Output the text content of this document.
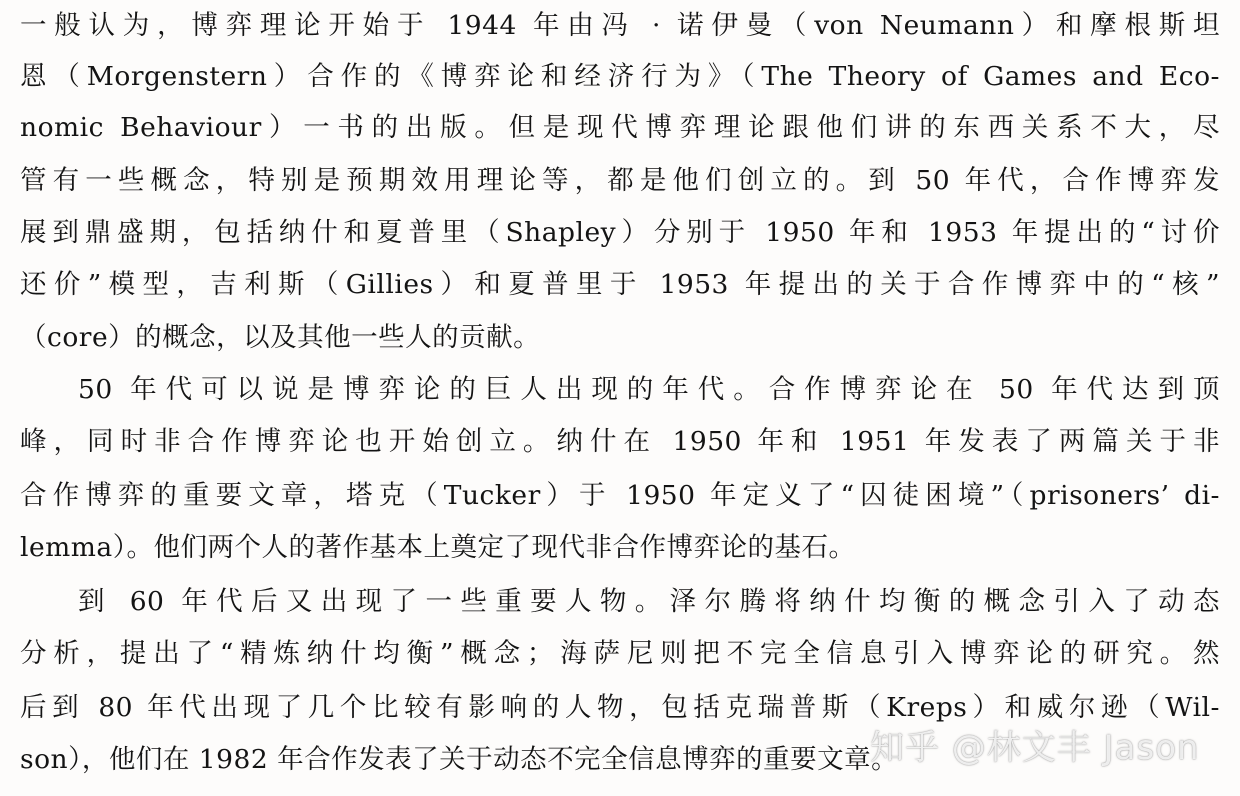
一般认为，博弈理论开始于 1944 年由冯 · 诺伊曼（von Neumann）和摩根斯坦
恩（Morgenstern）合作的《博弈论和经济行为》（The Theory of Games and Eco-
nomic Behaviour）一书的出版。但是现代博弈理论跟他们讲的东西关系不大，尽
管有一些概念，特别是预期效用理论等，都是他们创立的。到 50 年代，合作博弈发
展到鼎盛期，包括纳什和夏普里（Shapley）分别于 1950 年和 1953 年提出的“讨价
还价”模型，吉利斯（Gillies）和夏普里于 1953 年提出的关于合作博弈中的“核”
（core）的概念，以及其他一些人的贡献。
50 年代可以说是博弈论的巨人出现的年代。合作博弈论在 50 年代达到顶
峰，同时非合作博弈论也开始创立。纳什在 1950 年和 1951 年发表了两篇关于非
合作博弈的重要文章，塔克（Tucker）于 1950 年定义了“囚徒困境”（prisoners’ di-
lemma）。他们两个人的著作基本上奠定了现代非合作博弈论的基石。
到 60 年代后又出现了一些重要人物。泽尔腾将纳什均衡的概念引入了动态
分析，提出了“精炼纳什均衡”概念；海萨尼则把不完全信息引入博弈论的研究。然
后到 80 年代出现了几个比较有影响的人物，包括克瑞普斯（Kreps）和威尔逊（Wil-
son），他们在 1982 年合作发表了关于动态不完全信息博弈的重要文章。
知乎 @林文丰 Jason
